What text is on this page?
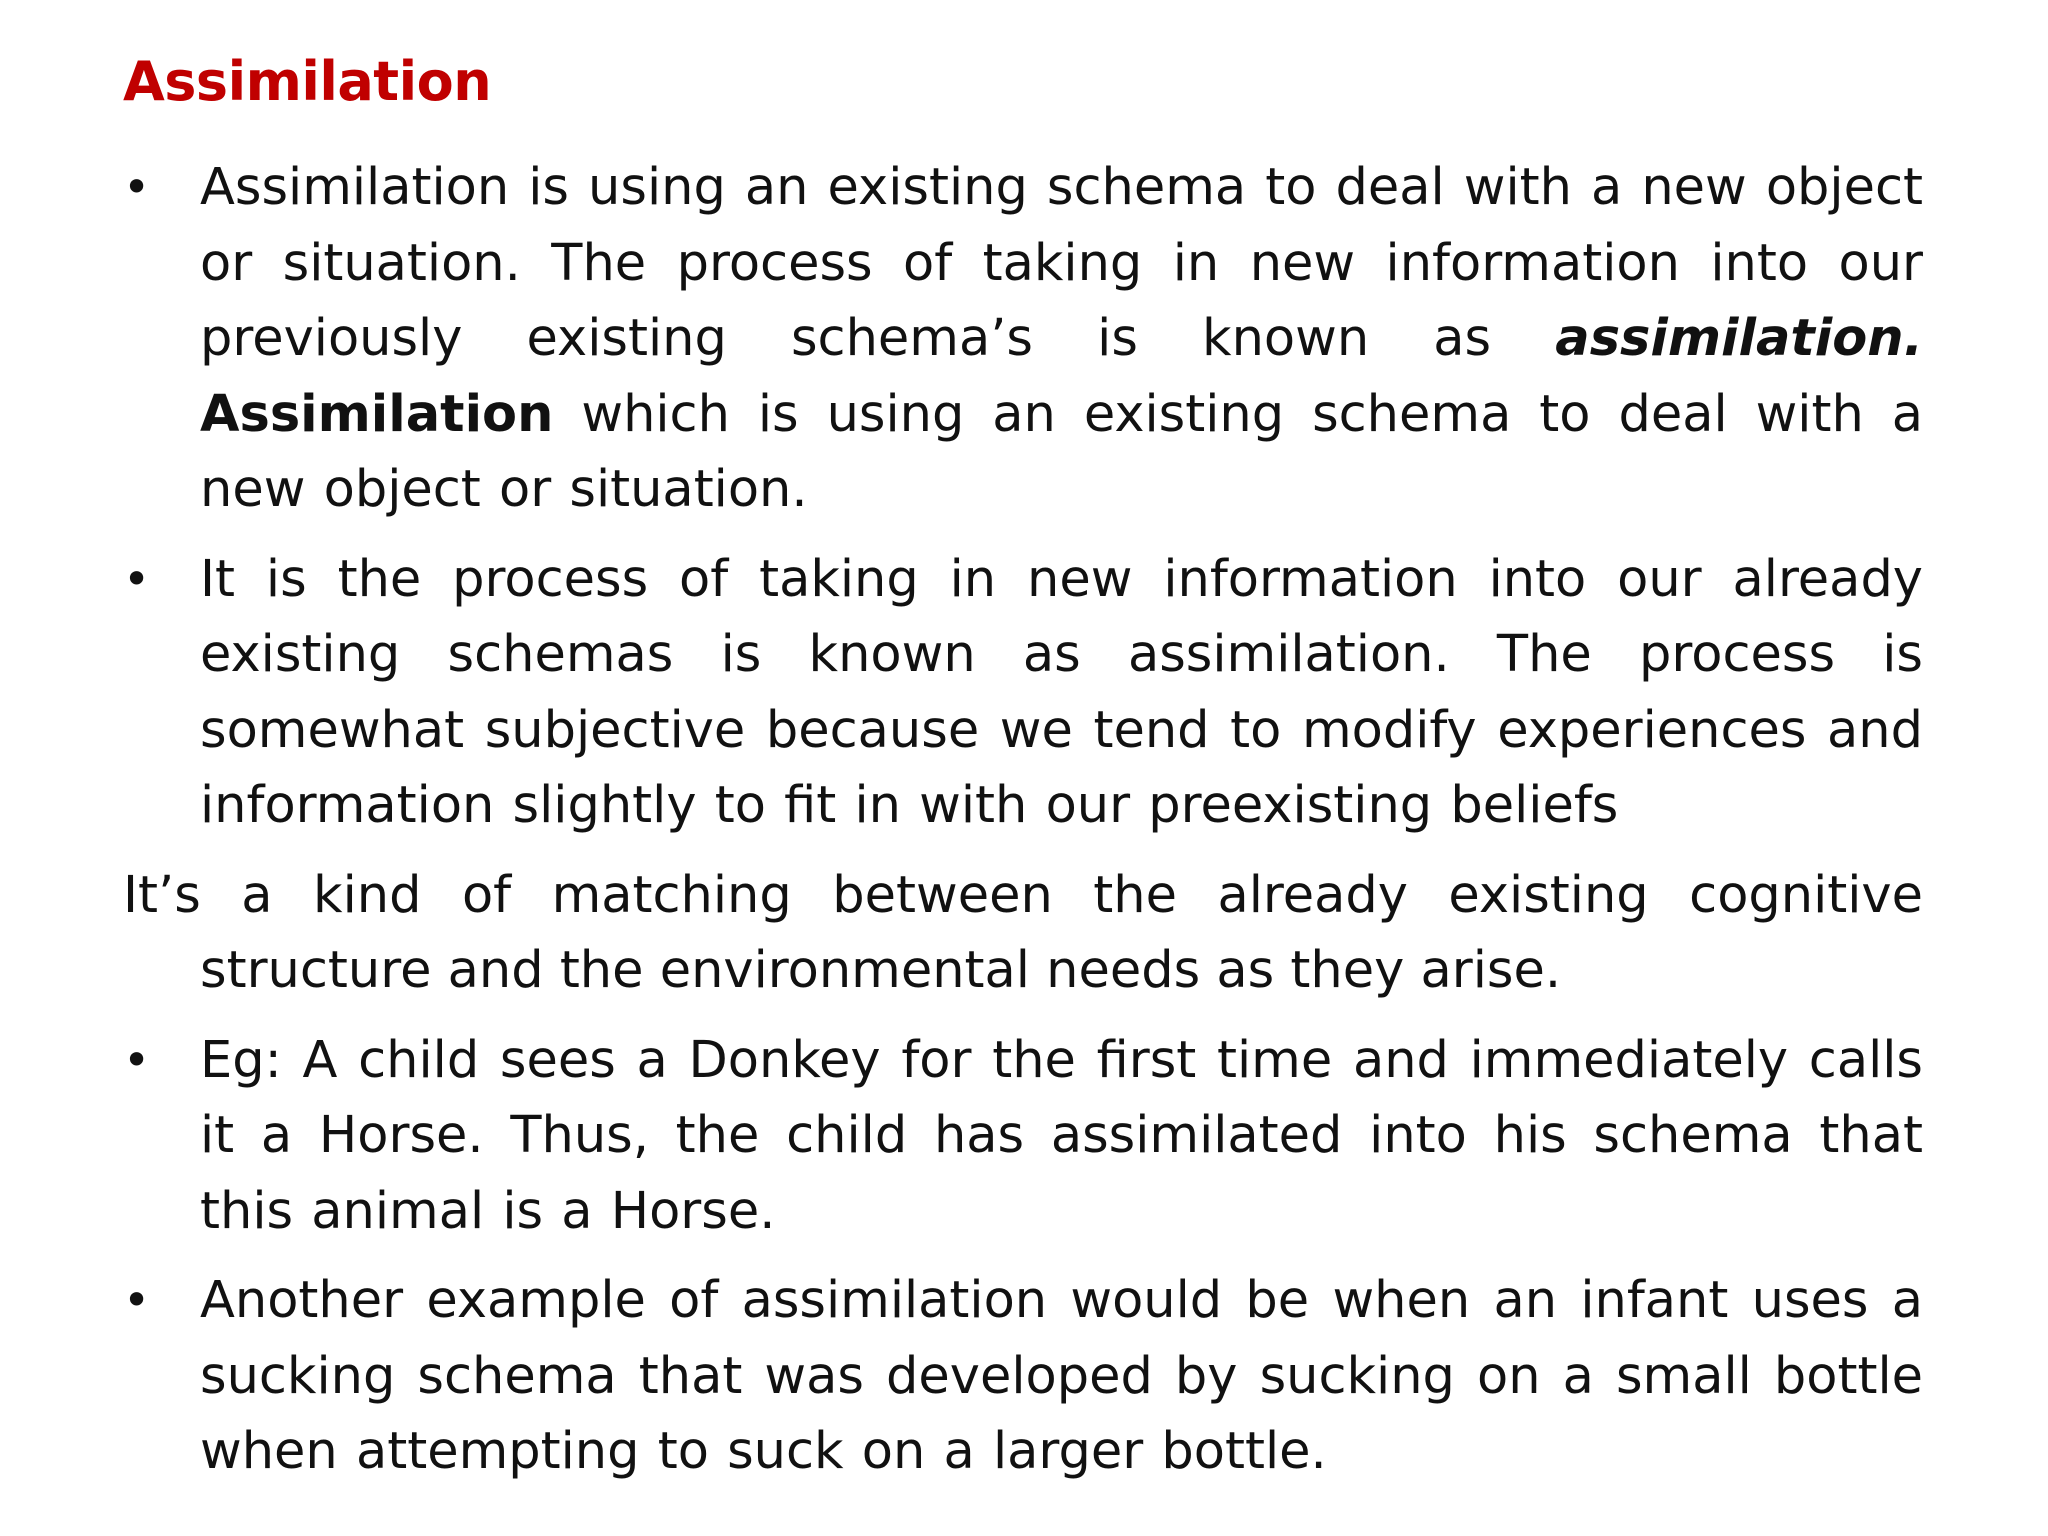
Assimilation
• Assimilation is using an existing schema to deal with a new object or situation. The process of taking in new information into our previously existing schema’s is known as assimilation. Assimilation which is using an existing schema to deal with a new object or situation.
• It is the process of taking in new information into our already existing schemas is known as assimilation. The process is somewhat subjective because we tend to modify experiences and information slightly to fit in with our preexisting beliefs
It’s a kind of matching between the already existing cognitive structure and the environmental needs as they arise.
• Eg: A child sees a Donkey for the first time and immediately calls it a Horse. Thus, the child has assimilated into his schema that this animal is a Horse.
• Another example of assimilation would be when an infant uses a sucking schema that was developed by sucking on a small bottle when attempting to suck on a larger bottle.
